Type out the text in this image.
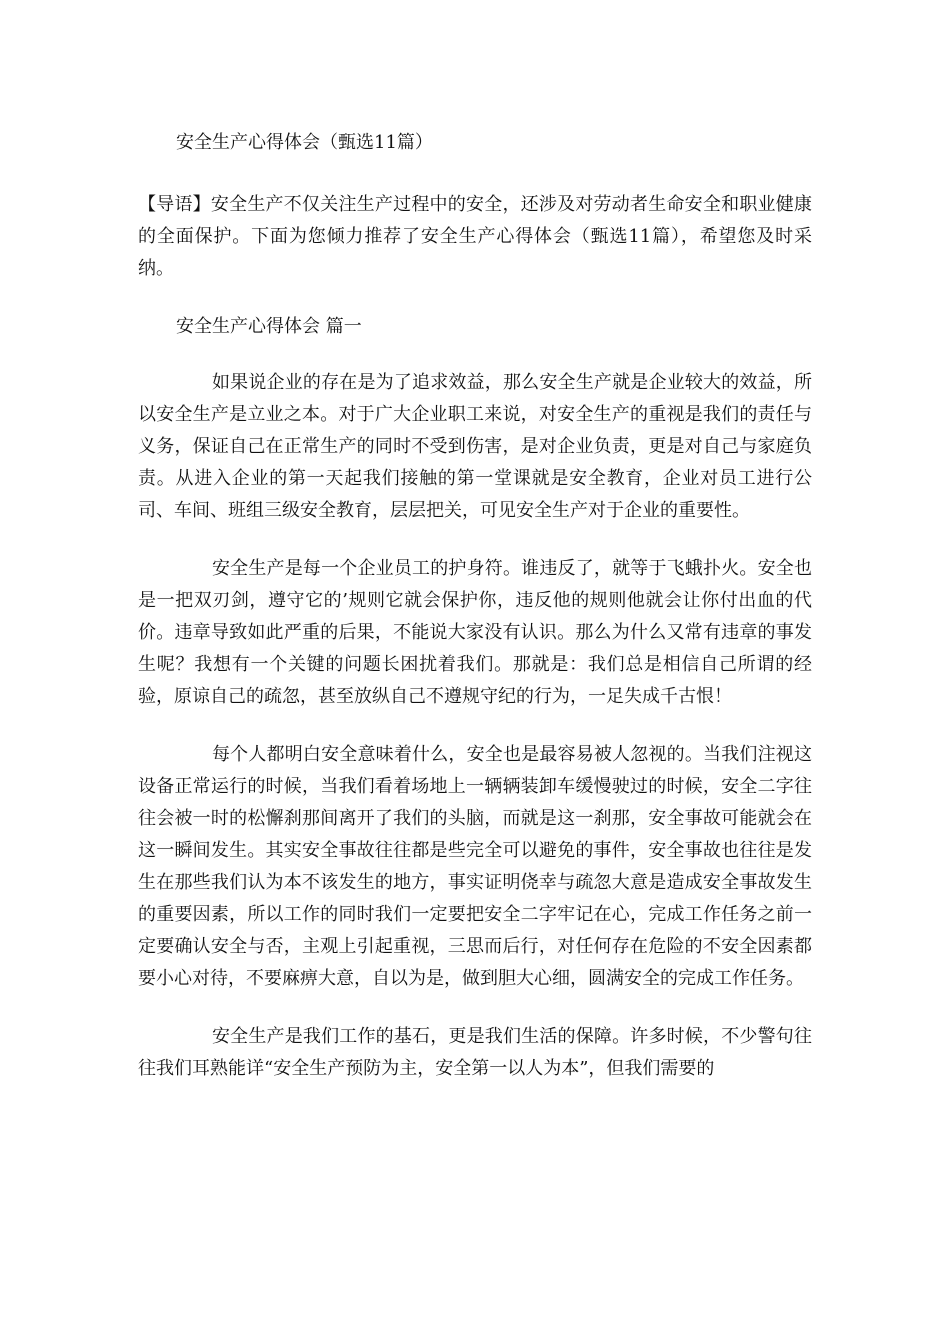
安全生产心得体会（甄选11篇）

【导语】安全生产不仅关注生产过程中的安全，还涉及对劳动者生命安全和职业健康的全面保护。下面为您倾力推荐了安全生产心得体会（甄选11篇），希望您及时采纳。

安全生产心得体会 篇一

如果说企业的存在是为了追求效益，那么安全生产就是企业较大的效益，所以安全生产是立业之本。对于广大企业职工来说，对安全生产的重视是我们的责任与义务，保证自己在正常生产的同时不受到伤害，是对企业负责，更是对自己与家庭负责。从进入企业的第一天起我们接触的第一堂课就是安全教育，企业对员工进行公司、车间、班组三级安全教育，层层把关，可见安全生产对于企业的重要性。

安全生产是每一个企业员工的护身符。谁违反了，就等于飞蛾扑火。安全也是一把双刃剑，遵守它的’规则它就会保护你，违反他的规则他就会让你付出血的代价。违章导致如此严重的后果，不能说大家没有认识。那么为什么又常有违章的事发生呢？我想有一个关键的问题长困扰着我们。那就是：我们总是相信自己所谓的经验，原谅自己的疏忽，甚至放纵自己不遵规守纪的行为，一足失成千古恨！

每个人都明白安全意味着什么，安全也是最容易被人忽视的。当我们注视这设备正常运行的时候，当我们看着场地上一辆辆装卸车缓慢驶过的时候，安全二字往往会被一时的松懈刹那间离开了我们的头脑，而就是这一刹那，安全事故可能就会在这一瞬间发生。其实安全事故往往都是些完全可以避免的事件，安全事故也往往是发生在那些我们认为本不该发生的地方，事实证明侥幸与疏忽大意是造成安全事故发生的重要因素，所以工作的同时我们一定要把安全二字牢记在心，完成工作任务之前一定要确认安全与否，主观上引起重视，三思而后行，对任何存在危险的不安全因素都要小心对待，不要麻痹大意，自以为是，做到胆大心细，圆满安全的完成工作任务。

安全生产是我们工作的基石，更是我们生活的保障。许多时候，不少警句往往我们耳熟能详“安全生产预防为主，安全第一以人为本”，但我们需要的
